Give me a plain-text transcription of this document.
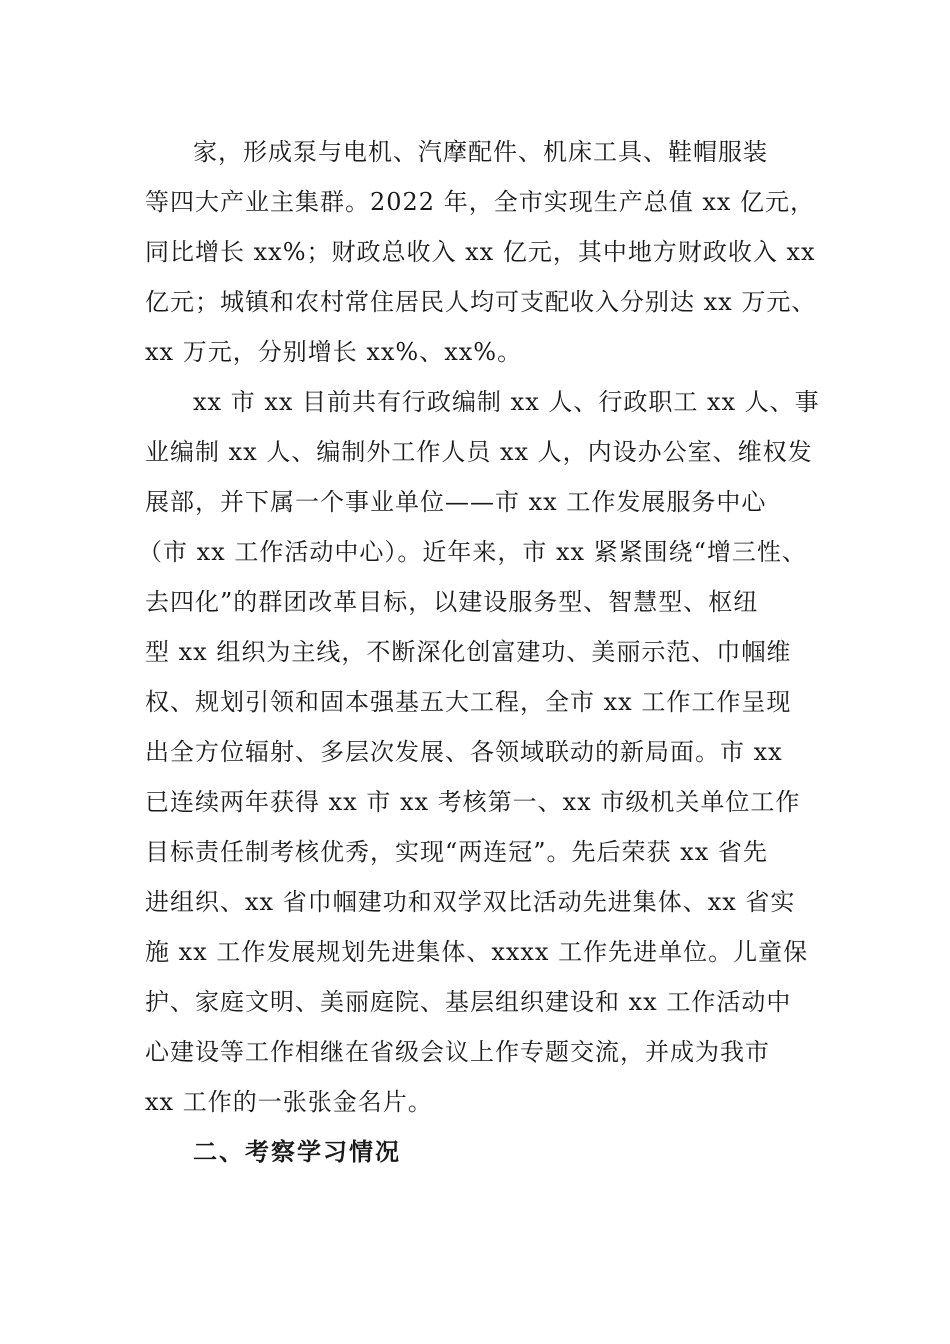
家，形成泵与电机、汽摩配件、机床工具、鞋帽服装
等四大产业主集群。2022 年，全市实现生产总值 xx 亿元，
同比增长 xx%；财政总收入 xx 亿元，其中地方财政收入 xx
亿元；城镇和农村常住居民人均可支配收入分别达 xx 万元、
xx 万元，分别增长 xx%、xx%。
xx 市 xx 目前共有行政编制 xx 人、行政职工 xx 人、事
业编制 xx 人、编制外工作人员 xx 人，内设办公室、维权发
展部，并下属一个事业单位——市 xx 工作发展服务中心
（市 xx 工作活动中心）。近年来，市 xx 紧紧围绕“增三性、
去四化”的群团改革目标，以建设服务型、智慧型、枢纽
型 xx 组织为主线，不断深化创富建功、美丽示范、巾帼维
权、规划引领和固本强基五大工程，全市 xx 工作工作呈现
出全方位辐射、多层次发展、各领域联动的新局面。市 xx
已连续两年获得 xx 市 xx 考核第一、xx 市级机关单位工作
目标责任制考核优秀，实现“两连冠”。先后荣获 xx 省先
进组织、xx 省巾帼建功和双学双比活动先进集体、xx 省实
施 xx 工作发展规划先进集体、xxxx 工作先进单位。儿童保
护、家庭文明、美丽庭院、基层组织建设和 xx 工作活动中
心建设等工作相继在省级会议上作专题交流，并成为我市
xx 工作的一张张金名片。
二、考察学习情况
